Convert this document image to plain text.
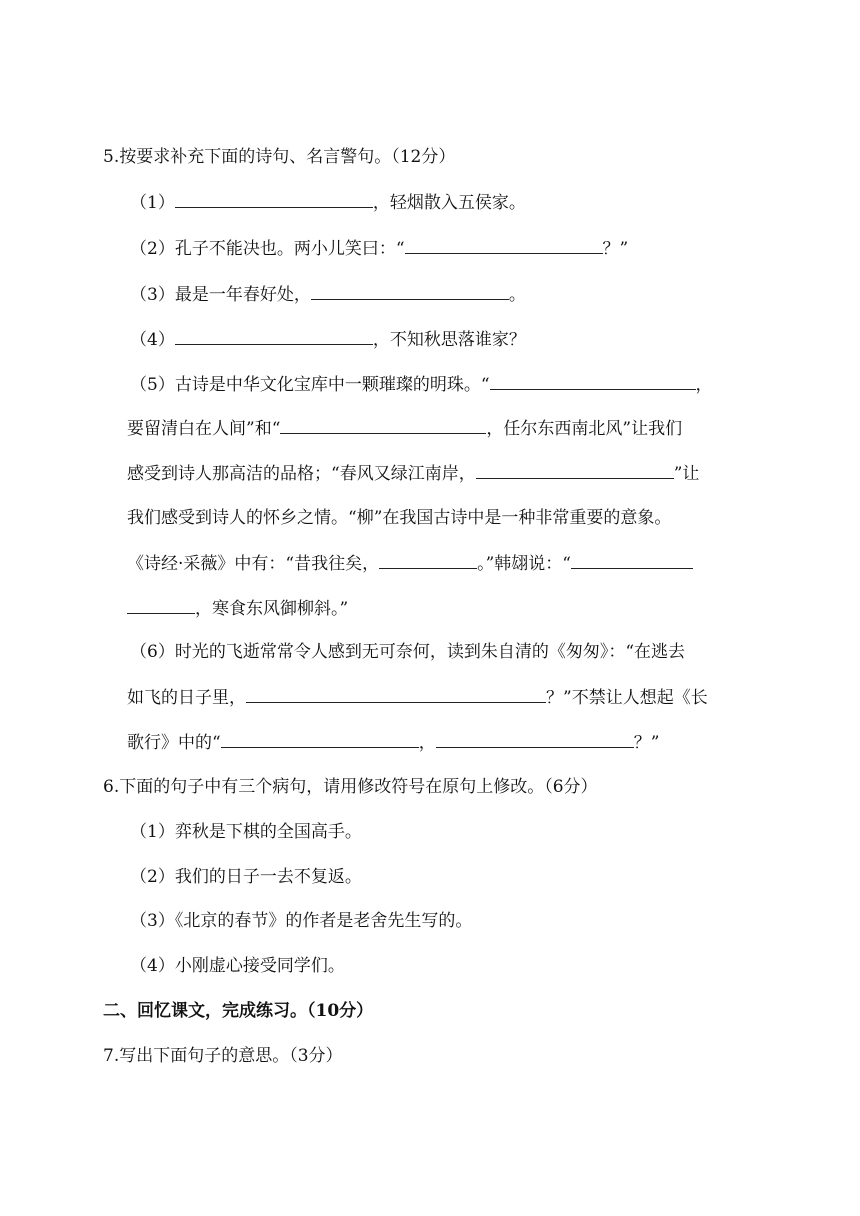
5.按要求补充下面的诗句、名言警句。（12分）
（1）	，轻烟散入五侯家。
（2）孔子不能决也。两小儿笑曰：“	？”
（3）最是一年春好处，	。
（4）	，不知秋思落谁家？
（5）古诗是中华文化宝库中一颗璀璨的明珠。“	，
要留清白在人间”和“	，任尔东西南北风”让我们
感受到诗人那高洁的品格；“春风又绿江南岸，	”让
我们感受到诗人的怀乡之情。“柳”在我国古诗中是一种非常重要的意象。
《诗经·采薇》中有：“昔我往矣，	。”韩翃说：“
，寒食东风御柳斜。”
（6）时光的飞逝常常令人感到无可奈何，读到朱自清的《匆匆》：“在逃去
如飞的日子里，	？”不禁让人想起《长
歌行》中的“	，	？”
6.下面的句子中有三个病句，请用修改符号在原句上修改。（6分）
（1）弈秋是下棋的全国高手。
（2）我们的日子一去不复返。
（3）《北京的春节》的作者是老舍先生写的。
（4）小刚虚心接受同学们。
二、回忆课文，完成练习。（10分）
7.写出下面句子的意思。（3分）
